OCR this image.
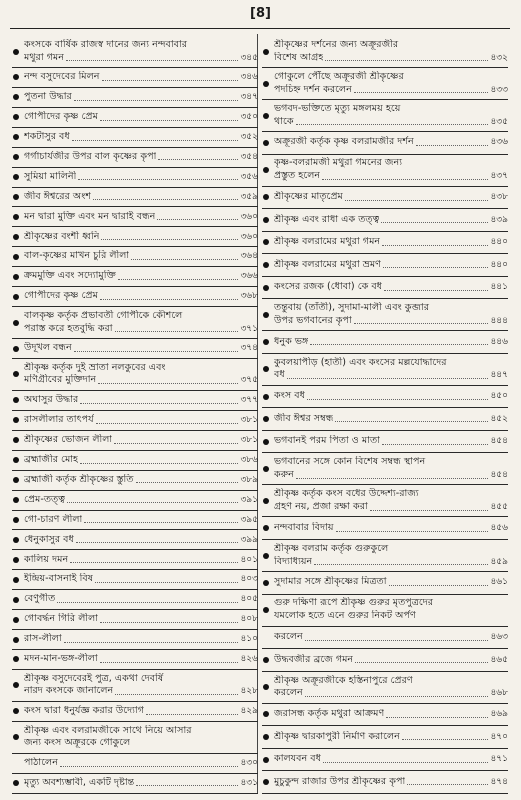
[8]
কংসকে বার্ষিক রাজস্ব দানের জন্য নন্দবাবার
মথুরা গমন	৩৪৫
নন্দ বসুদেবের মিলন	৩৪৬
পুতনা উদ্ধার	৩৪৭
গোপীদের কৃষ্ণ প্রেম	৩৫০
শকটাসুর বধ	৩৫২
গর্গাচার্যজীর উপর বাল কৃষ্ণের কৃপা	৩৫৪
সুমিয়া মালিনী	৩৫৬
জীব ঈশ্বরের অংশ	৩৫৯
মন দ্বারা মুক্তি এবং মন দ্বারাই বন্ধন	৩৬০
শ্রীকৃষ্ণের বংশী ধ্বনি	৩৬০
বাল-কৃষ্ণের মাখন চুরি লীলা	৩৬৪
ক্রমমুক্তি এবং সদ্যোমুক্তি	৩৬৬
গোপীদের কৃষ্ণ প্রেম	৩৬৮
বালকৃষ্ণ কর্তৃক প্রভাবতী গোপীকে কৌশলে
পরাস্ত করে হতবুদ্ধি করা	৩৭১
উদূখল বন্ধন	৩৭৪
শ্রীকৃষ্ণ কর্তৃক দুই ভ্রাতা নলকুবের এবং
মণিগ্রীবের মুক্তিদান	৩৭৫
অঘাসুর উদ্ধার	৩৭৭
রাসলীলার তাৎপর্য	৩৮১
শ্রীকৃষ্ণের ভোজন লীলা	৩৮১
ব্রহ্মাজীর মোহ	৩৮৬
ব্রহ্মাজী কর্তৃক শ্রীকৃষ্ণের স্তুতি	৩৮৯
প্রেম-তত্ত্ব	৩৯১
গো-চারণ লীলা	৩৯৫
ধেনুকাসুর বধ	৩৯৯
কালিয় দমন	৪০১
ইন্দ্রিয়-বাসনাই বিষ	৪০৩
বেণুগীত	৪০৫
গোবর্দ্ধন গিরি লীলা	৪০৮
রাস-লীলা	৪১০
মদন-মান-ভঙ্গ-লীলা	৪২৬
শ্রীকৃষ্ণ বসুদেবেরই পুত্র, একথা দেবর্ষি
নারদ কংসকে জানালেন	৪২৮
কংস দ্বারা ধনুর্যজ্ঞ করার উদ্যোগ	৪২৯
শ্রীকৃষ্ণ এবং বলরামজীকে সাথে নিয়ে আসার
জন্য কংস অক্রূরকে গোকুলে
পাঠালেন	৪৩০
মৃত্যু অবশ্যম্ভাবী, একটি দৃষ্টান্ত	৪৩১
শ্রীকৃষ্ণের দর্শনের জন্য অক্রূরজীর
বিশেষ আগ্রহ	৪৩২
গোকুলে পৌঁছে অক্রূরজী শ্রীকৃষ্ণের
পদচিহ্ন দর্শন করলেন	৪৩৩
ভগবদ-ভক্তিতে মৃত্যু মঙ্গলময় হয়ে
থাকে	৪৩৫
অক্রূরজী কর্তৃক কৃষ্ণ বলরামজীর দর্শন	৪৩৬
কৃষ্ণ-বলরামজী মথুরা গমনের জন্য
প্রস্তুত হলেন	৪৩৭
শ্রীকৃষ্ণের মাতৃপ্রেম	৪৩৮
শ্রীকৃষ্ণ এবং রাধা এক তত্ত্ব	৪৩৯
শ্রীকৃষ্ণ বলরামের মথুরা গমন	৪৪০
শ্রীকৃষ্ণ বলরামের মথুরা ভ্রমণ	৪৪০
কংসের রজক (ধোবা) কে বধ	৪৪১
তন্তুবায় (তাঁতী), সুদামা-মালী এবং কুব্জার
উপর ভগবানের কৃপা	৪৪৪
ধনুক ভঙ্গ	৪৪৬
কুবলয়াপীড় (হাতী) এবং কংসের মল্লযোদ্ধাদের
বধ	৪৪৭
কংস বধ	৪৫০
জীব ঈশ্বর সম্বন্ধ	৪৫২
ভগবানই পরম পিতা ও মাতা	৪৫৪
ভগবানের সঙ্গে কোন বিশেষ সম্বন্ধ স্থাপন
করুন	৪৫৪
শ্রীকৃষ্ণ কর্তৃক কংস বধের উদ্দেশ্য-রাজ্য
গ্রহণ নয়, প্রজা রক্ষা করা	৪৫৫
নন্দবাবার বিদায়	৪৫৬
শ্রীকৃষ্ণ বলরাম কর্তৃক গুরুকুলে
বিদ্যাধ্যয়ন	৪৫৯
সুদামার সঙ্গে শ্রীকৃষ্ণের মিত্রতা	৪৬১
গুরু দক্ষিণা রূপে শ্রীকৃষ্ণ গুরুর মৃতপুত্রদের
যমলোক হতে এনে গুরুর নিকট অর্পণ
করলেন	৪৬৩
উদ্ধবজীর ব্রজে গমন	৪৬৫
শ্রীকৃষ্ণ অক্রূরজীকে হস্তিনাপুরে প্রেরণ
করলেন	৪৬৮
জরাসন্ধ কর্তৃক মথুরা আক্রমণ	৪৬৯
শ্রীকৃষ্ণ দ্বারকাপুরী নির্মাণ করালেন	৪৭০
কালযবন বধ	৪৭১
মুচুকুন্দ রাজার উপর শ্রীকৃষ্ণের কৃপা	৪৭৪
